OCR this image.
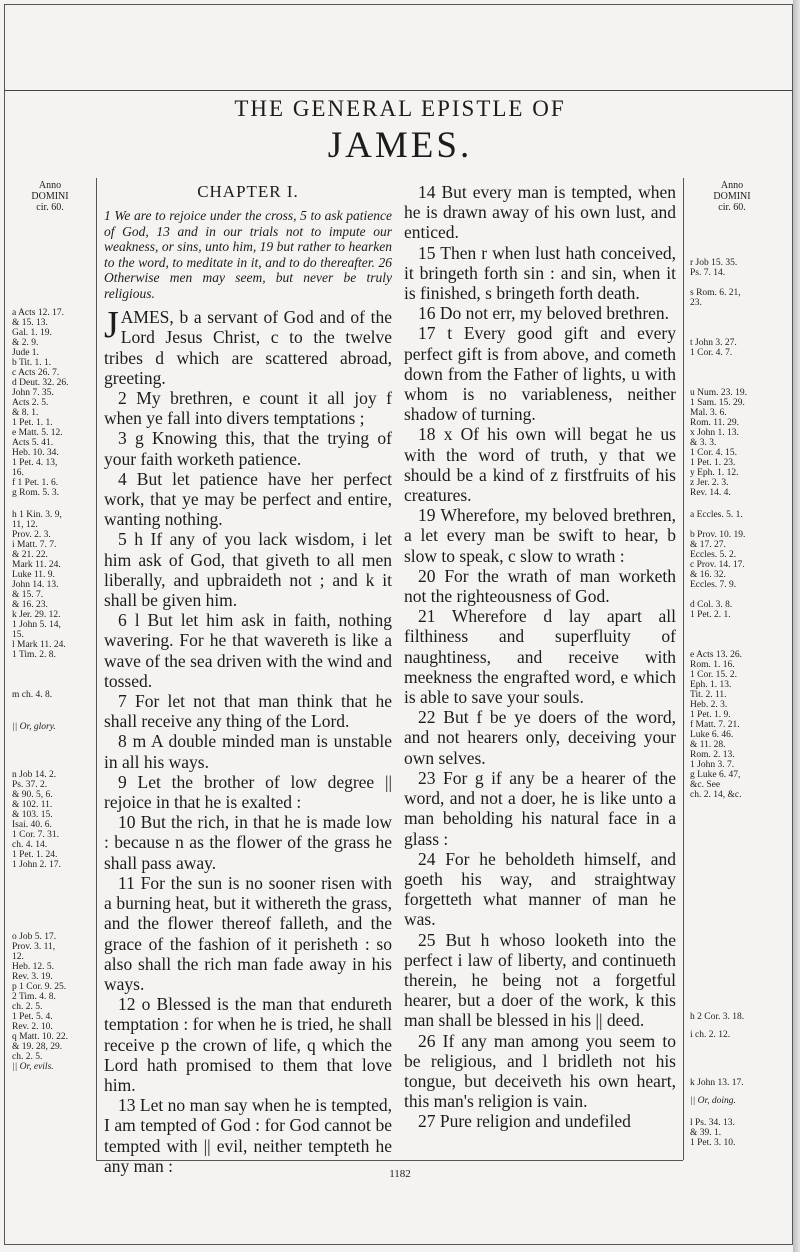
THE GENERAL EPISTLE OF
JAMES.
Anno
DOMINI
cir. 60.
a Acts 12. 17.
& 15. 13.
Gal. 1. 19.
& 2. 9.
Jude 1.
b Tit. 1. 1.
c Acts 26. 7.
d Deut. 32. 26.
John 7. 35.
Acts 2. 5.
& 8. 1.
1 Pet. 1. 1.
e Matt. 5. 12.
Acts 5. 41.
Heb. 10. 34.
1 Pet. 4. 13,
16.
f 1 Pet. 1. 6.
g Rom. 5. 3.
h 1 Kin. 3. 9,
11, 12.
Prov. 2. 3.
i Matt. 7. 7.
& 21. 22.
Mark 11. 24.
Luke 11. 9.
John 14. 13.
& 15. 7.
& 16. 23.
k Jer. 29. 12.
1 John 5. 14,
15.
l Mark 11. 24.
1 Tim. 2. 8.
m ch. 4. 8.
|| Or, glory.
n Job 14. 2.
Ps. 37. 2.
& 90. 5, 6.
& 102. 11.
& 103. 15.
Isai. 40. 6.
1 Cor. 7. 31.
ch. 4. 14.
1 Pet. 1. 24.
1 John 2. 17.
o Job 5. 17.
Prov. 3. 11,
12.
Heb. 12. 5.
Rev. 3. 19.
p 1 Cor. 9. 25.
2 Tim. 4. 8.
ch. 2. 5.
1 Pet. 5. 4.
Rev. 2. 10.
q Matt. 10. 22.
& 19. 28, 29.
ch. 2. 5.
|| Or, evils.
Anno
DOMINI
cir. 60.
r Job 15. 35.
Ps. 7. 14.
s Rom. 6. 21,
23.
t John 3. 27.
1 Cor. 4. 7.
u Num. 23. 19.
1 Sam. 15. 29.
Mal. 3. 6.
Rom. 11. 29.
x John 1. 13.
& 3. 3.
1 Cor. 4. 15.
1 Pet. 1. 23.
y Eph. 1. 12.
z Jer. 2. 3.
Rev. 14. 4.
a Eccles. 5. 1.
b Prov. 10. 19.
& 17. 27.
Eccles. 5. 2.
c Prov. 14. 17.
& 16. 32.
Eccles. 7. 9.
d Col. 3. 8.
1 Pet. 2. 1.
e Acts 13. 26.
Rom. 1. 16.
1 Cor. 15. 2.
Eph. 1. 13.
Tit. 2. 11.
Heb. 2. 3.
1 Pet. 1. 9.
f Matt. 7. 21.
Luke 6. 46.
& 11. 28.
Rom. 2. 13.
1 John 3. 7.
g Luke 6. 47,
&c. See
ch. 2. 14, &c.
h 2 Cor. 3. 18.
i ch. 2. 12.
k John 13. 17.
|| Or, doing.
l Ps. 34. 13.
& 39. 1.
1 Pet. 3. 10.
CHAPTER I.
1 We are to rejoice under the cross, 5 to ask patience of God, 13 and in our trials not to impute our weakness, or sins, unto him, 19 but rather to hearken to the word, to meditate in it, and to do thereafter. 26 Otherwise men may seem, but never be truly religious.

JAMES, b a servant of God and of the Lord Jesus Christ, c to the twelve tribes d which are scattered abroad, greeting.

2 My brethren, e count it all joy f when ye fall into divers temptations ;

3 g Knowing this, that the trying of your faith worketh patience.

4 But let patience have her perfect work, that ye may be perfect and entire, wanting nothing.

5 h If any of you lack wisdom, i let him ask of God, that giveth to all men liberally, and upbraideth not ; and k it shall be given him.

6 l But let him ask in faith, nothing wavering. For he that wavereth is like a wave of the sea driven with the wind and tossed.

7 For let not that man think that he shall receive any thing of the Lord.

8 m A double minded man is unstable in all his ways.

9 Let the brother of low degree || rejoice in that he is exalted :

10 But the rich, in that he is made low : because n as the flower of the grass he shall pass away.

11 For the sun is no sooner risen with a burning heat, but it withereth the grass, and the flower thereof falleth, and the grace of the fashion of it perisheth : so also shall the rich man fade away in his ways.

12 o Blessed is the man that endureth temptation : for when he is tried, he shall receive p the crown of life, q which the Lord hath promised to them that love him.

13 Let no man say when he is tempted, I am tempted of God : for God cannot be tempted with || evil, neither tempteth he any man :

14 But every man is tempted, when he is drawn away of his own lust, and enticed.

15 Then r when lust hath conceived, it bringeth forth sin : and sin, when it is finished, s bringeth forth death.

16 Do not err, my beloved brethren.

17 t Every good gift and every perfect gift is from above, and cometh down from the Father of lights, u with whom is no variableness, neither shadow of turning.

18 x Of his own will begat he us with the word of truth, y that we should be a kind of z firstfruits of his creatures.

19 Wherefore, my beloved brethren, a let every man be swift to hear, b slow to speak, c slow to wrath :

20 For the wrath of man worketh not the righteousness of God.

21 Wherefore d lay apart all filthiness and superfluity of naughtiness, and receive with meekness the engrafted word, e which is able to save your souls.

22 But f be ye doers of the word, and not hearers only, deceiving your own selves.

23 For g if any be a hearer of the word, and not a doer, he is like unto a man beholding his natural face in a glass :

24 For he beholdeth himself, and goeth his way, and straightway forgetteth what manner of man he was.

25 But h whoso looketh into the perfect i law of liberty, and continueth therein, he being not a forgetful hearer, but a doer of the work, k this man shall be blessed in his || deed.

26 If any man among you seem to be religious, and l bridleth not his tongue, but deceiveth his own heart, this man's religion is vain.

27 Pure religion and undefiled

1182
